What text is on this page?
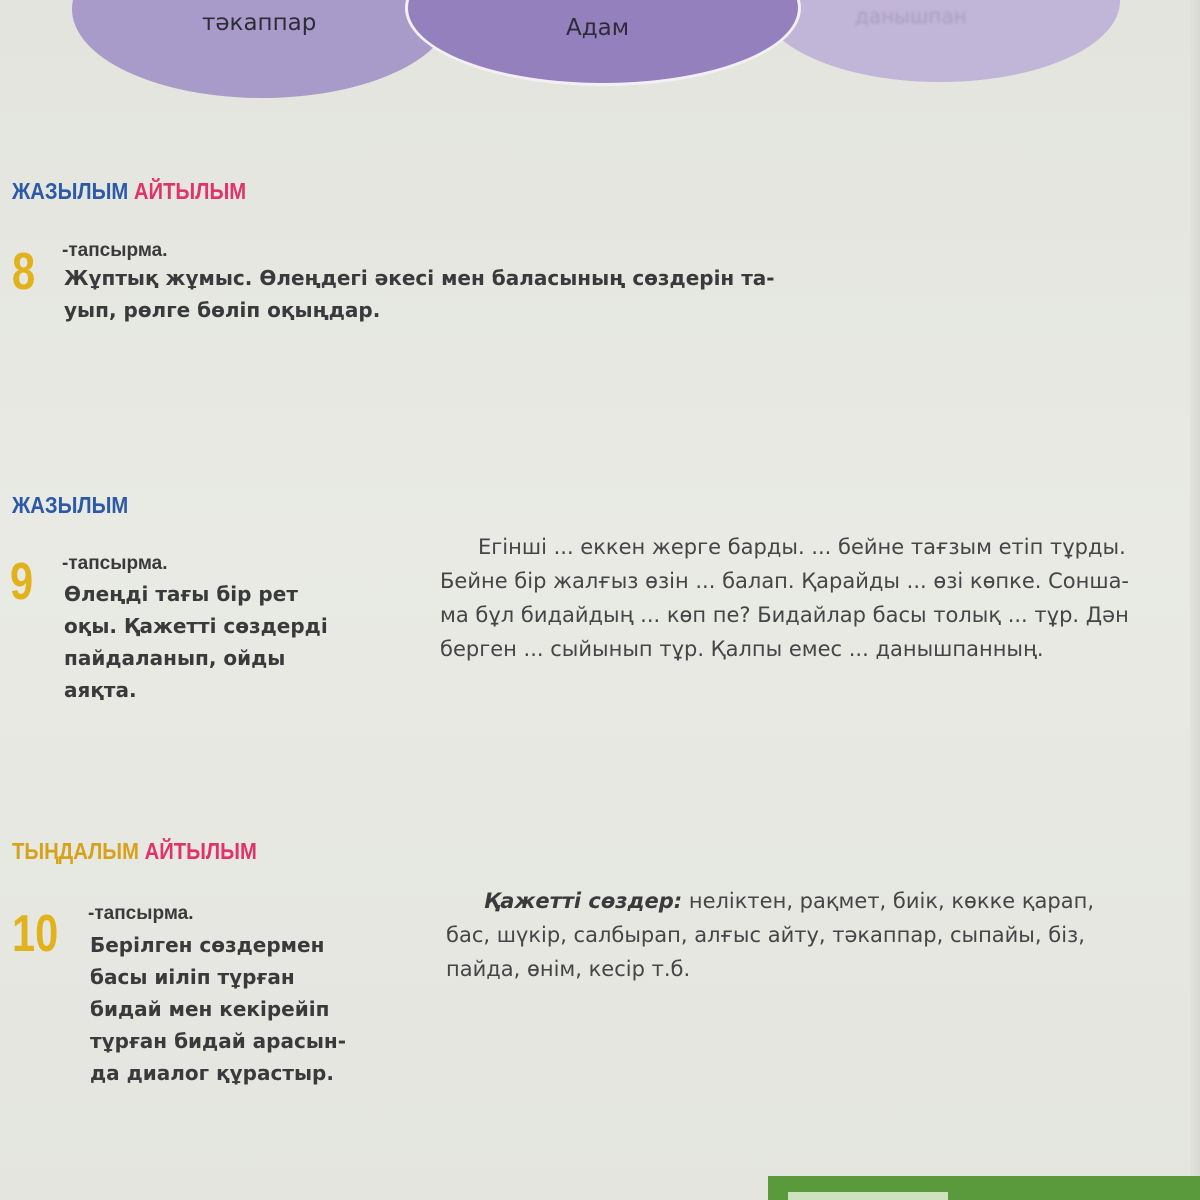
тәкаппар	данышпан
Адам
ЖАЗЫЛЫМ АЙТЫЛЫМ
8 -тапсырма.
Жұптық жұмыс. Өлеңдегі әкесі мен баласының сөздерін та-
уып, рөлге бөліп оқыңдар.
ЖАЗЫЛЫМ
9 -тапсырма.
Өлеңді тағы бір рет
оқы. Қажетті сөздерді
пайдаланып, ойды
аяқта.
Егінші ... еккен жерге барды. ... бейне тағзым етіп тұрды.
Бейне бір жалғыз өзін ... балап. Қарайды ... өзі көпке. Сонша-
ма бұл бидайдың ... көп пе? Бидайлар басы толық ... тұр. Дән
берген ... сыйынып тұр. Қалпы емес ... данышпанның.
ТЫҢДАЛЫМ АЙТЫЛЫМ
10 -тапсырма.
Берілген сөздермен
басы иіліп тұрған
бидай мен кекірейіп
тұрған бидай арасын-
да диалог құрастыр.
Қажетті сөздер: неліктен, рақмет, биік, көкке қарап,
бас, шүкір, салбырап, алғыс айту, тәкаппар, сыпайы, біз,
пайда, өнім, кесір т.б.
